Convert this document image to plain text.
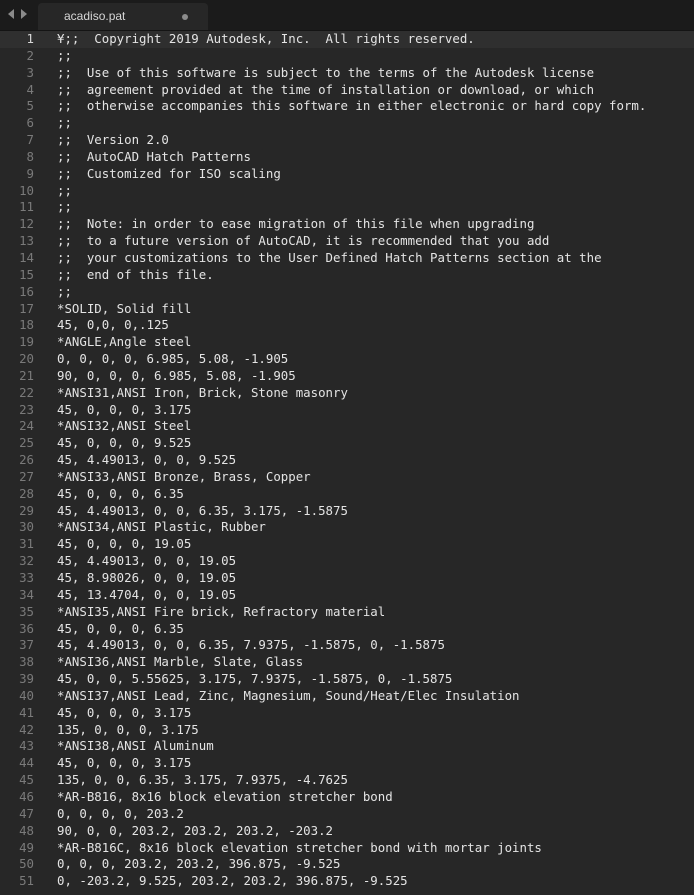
acadiso.pat
1	¥;;  Copyright 2019 Autodesk, Inc.  All rights reserved.
2	;;
3	;;  Use of this software is subject to the terms of the Autodesk license
4	;;  agreement provided at the time of installation or download, or which
5	;;  otherwise accompanies this software in either electronic or hard copy form.
6	;;
7	;;  Version 2.0
8	;;  AutoCAD Hatch Patterns
9	;;  Customized for ISO scaling
10	;;
11	;;
12	;;  Note: in order to ease migration of this file when upgrading
13	;;  to a future version of AutoCAD, it is recommended that you add
14	;;  your customizations to the User Defined Hatch Patterns section at the
15	;;  end of this file.
16	;;
17	*SOLID, Solid fill
18	45, 0,0, 0,.125
19	*ANGLE,Angle steel
20	0, 0, 0, 0, 6.985, 5.08, -1.905
21	90, 0, 0, 0, 6.985, 5.08, -1.905
22	*ANSI31,ANSI Iron, Brick, Stone masonry
23	45, 0, 0, 0, 3.175
24	*ANSI32,ANSI Steel
25	45, 0, 0, 0, 9.525
26	45, 4.49013, 0, 0, 9.525
27	*ANSI33,ANSI Bronze, Brass, Copper
28	45, 0, 0, 0, 6.35
29	45, 4.49013, 0, 0, 6.35, 3.175, -1.5875
30	*ANSI34,ANSI Plastic, Rubber
31	45, 0, 0, 0, 19.05
32	45, 4.49013, 0, 0, 19.05
33	45, 8.98026, 0, 0, 19.05
34	45, 13.4704, 0, 0, 19.05
35	*ANSI35,ANSI Fire brick, Refractory material
36	45, 0, 0, 0, 6.35
37	45, 4.49013, 0, 0, 6.35, 7.9375, -1.5875, 0, -1.5875
38	*ANSI36,ANSI Marble, Slate, Glass
39	45, 0, 0, 5.55625, 3.175, 7.9375, -1.5875, 0, -1.5875
40	*ANSI37,ANSI Lead, Zinc, Magnesium, Sound/Heat/Elec Insulation
41	45, 0, 0, 0, 3.175
42	135, 0, 0, 0, 3.175
43	*ANSI38,ANSI Aluminum
44	45, 0, 0, 0, 3.175
45	135, 0, 0, 6.35, 3.175, 7.9375, -4.7625
46	*AR-B816, 8x16 block elevation stretcher bond
47	0, 0, 0, 0, 203.2
48	90, 0, 0, 203.2, 203.2, 203.2, -203.2
49	*AR-B816C, 8x16 block elevation stretcher bond with mortar joints
50	0, 0, 0, 203.2, 203.2, 396.875, -9.525
51	0, -203.2, 9.525, 203.2, 203.2, 396.875, -9.525
